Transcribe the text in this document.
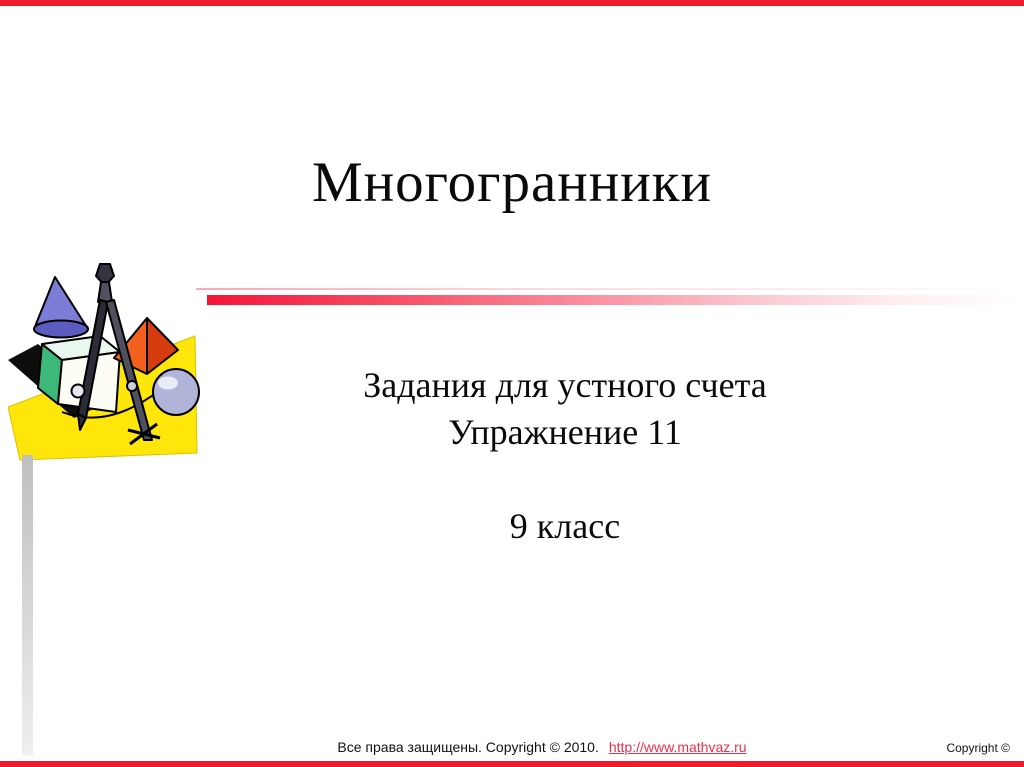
Многогранники
Задания для устного счета
Упражнение 11
9 класс
Все права защищены. Copyright © 2010. http://www.mathvaz.ru	Copyright ©
